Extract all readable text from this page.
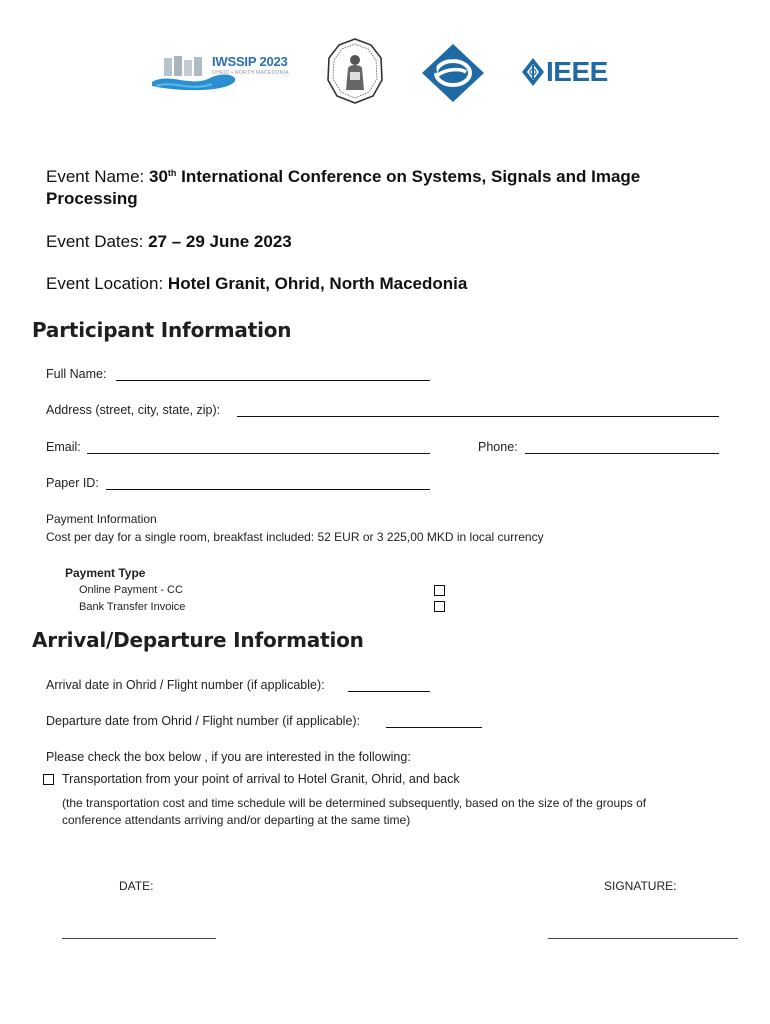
IWSSIP 2023
OHRID • NORTH MACEDONIA	IEEE
Event Name: 30th International Conference on Systems, Signals and Image
Processing
Event Dates: 27 – 29 June 2023
Event Location: Hotel Granit, Ohrid, North Macedonia
Participant Information
Full Name:
Address (street, city, state, zip):
Email:	Phone:
Paper ID:
Payment Information
Cost per day for a single room, breakfast included: 52 EUR or 3 225,00 MKD in local currency
Payment Type
Online Payment - CC
Bank Transfer Invoice
Arrival/Departure Information
Arrival date in Ohrid / Flight number (if applicable):
Departure date from Ohrid / Flight number (if applicable):
Please check the box below , if you are interested in the following:
Transportation from your point of arrival to Hotel Granit, Ohrid, and back
(the transportation cost and time schedule will be determined subsequently, based on the size of the groups of
conference attendants arriving and/or departing at the same time)
DATE:	SIGNATURE:
